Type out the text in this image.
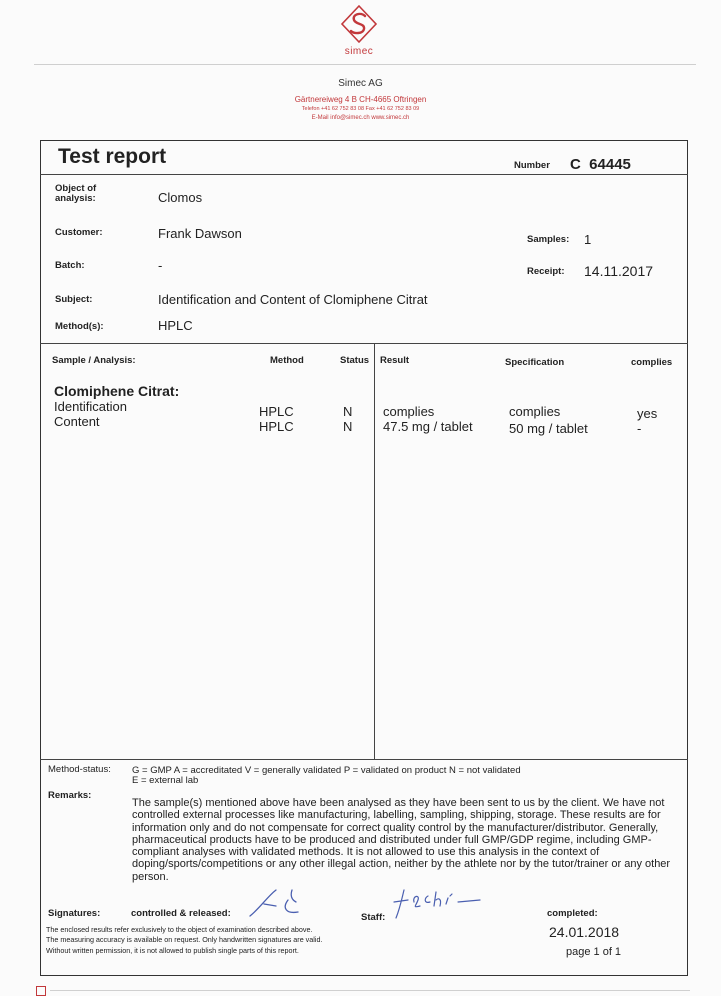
simec
Simec AG
Gärtnereiweg 4 B CH-4665 Oftringen
Telefon +41 62 752 83 08 Fax +41 62 752 83 09
E-Mail info@simec.ch www.simec.ch
Test report	Number C  64445
Object of analysis:	Clomos
Customer:	Frank Dawson	Samples: 1
Batch:	-	Receipt: 14.11.2017
Subject:	Identification and Content of Clomiphene Citrat
Method(s):	HPLC
Sample / Analysis:	Method	Status Result	Specification	complies
Clomiphene Citrat:
Identification	HPLC	N complies	complies	yes
Content	HPLC	N 47.5 mg / tablet	50 mg / tablet	-
Method-status: G = GMP A = accreditated V = generally validated P = validated on product N = not validated
E = external lab
Remarks:
The sample(s) mentioned above have been analysed as they have been sent to us by the client. We have not controlled external processes like manufacturing, labelling, sampling, shipping, storage. These results are for information only and do not compensate for correct quality control by the manufacturer/distributor. Generally, pharmaceutical products have to be produced and distributed under full GMP/GDP regime, including GMP-compliant analyses with validated methods. It is not allowed to use this analysis in the context of doping/sports/competitions or any other illegal action, neither by the athlete nor by the tutor/trainer or any other person.
Signatures:	controlled & released:	Staff:	completed:
24.01.2018
page 1 of 1
The enclosed results refer exclusively to the object of examination described above.
The measuring accuracy is available on request. Only handwritten signatures are valid.
Without written permission, it is not allowed to publish single parts of this report.
